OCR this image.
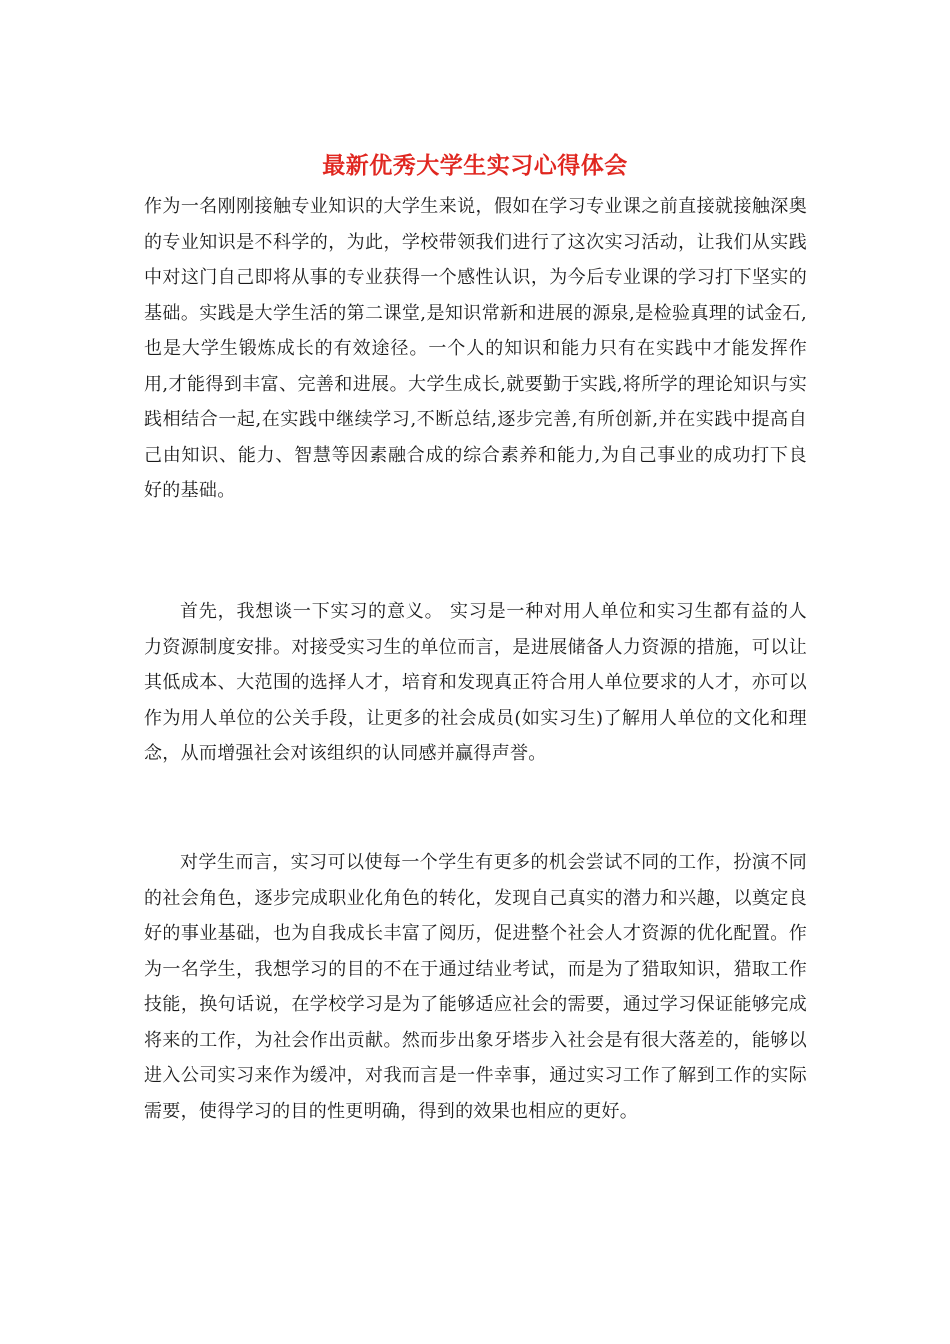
最新优秀大学生实习心得体会

作为一名刚刚接触专业知识的大学生来说，假如在学习专业课之前直接就接触深奥的专业知识是不科学的，为此，学校带领我们进行了这次实习活动，让我们从实践中对这门自己即将从事的专业获得一个感性认识，为今后专业课的学习打下坚实的基础。实践是大学生活的第二课堂,是知识常新和进展的源泉,是检验真理的试金石,也是大学生锻炼成长的有效途径。一个人的知识和能力只有在实践中才能发挥作用,才能得到丰富、完善和进展。大学生成长,就要勤于实践,将所学的理论知识与实践相结合一起,在实践中继续学习,不断总结,逐步完善,有所创新,并在实践中提高自己由知识、能力、智慧等因素融合成的综合素养和能力,为自己事业的成功打下良好的基础。

首先，我想谈一下实习的意义。 实习是一种对用人单位和实习生都有益的人力资源制度安排。对接受实习生的单位而言，是进展储备人力资源的措施，可以让其低成本、大范围的选择人才，培育和发现真正符合用人单位要求的人才，亦可以作为用人单位的公关手段，让更多的社会成员(如实习生)了解用人单位的文化和理念，从而增强社会对该组织的认同感并赢得声誉。

对学生而言，实习可以使每一个学生有更多的机会尝试不同的工作，扮演不同的社会角色，逐步完成职业化角色的转化，发现自己真实的潜力和兴趣，以奠定良好的事业基础，也为自我成长丰富了阅历，促进整个社会人才资源的优化配置。作为一名学生，我想学习的目的不在于通过结业考试，而是为了猎取知识，猎取工作技能，换句话说，在学校学习是为了能够适应社会的需要，通过学习保证能够完成将来的工作，为社会作出贡献。然而步出象牙塔步入社会是有很大落差的，能够以进入公司实习来作为缓冲，对我而言是一件幸事，通过实习工作了解到工作的实际需要，使得学习的目的性更明确，得到的效果也相应的更好。
